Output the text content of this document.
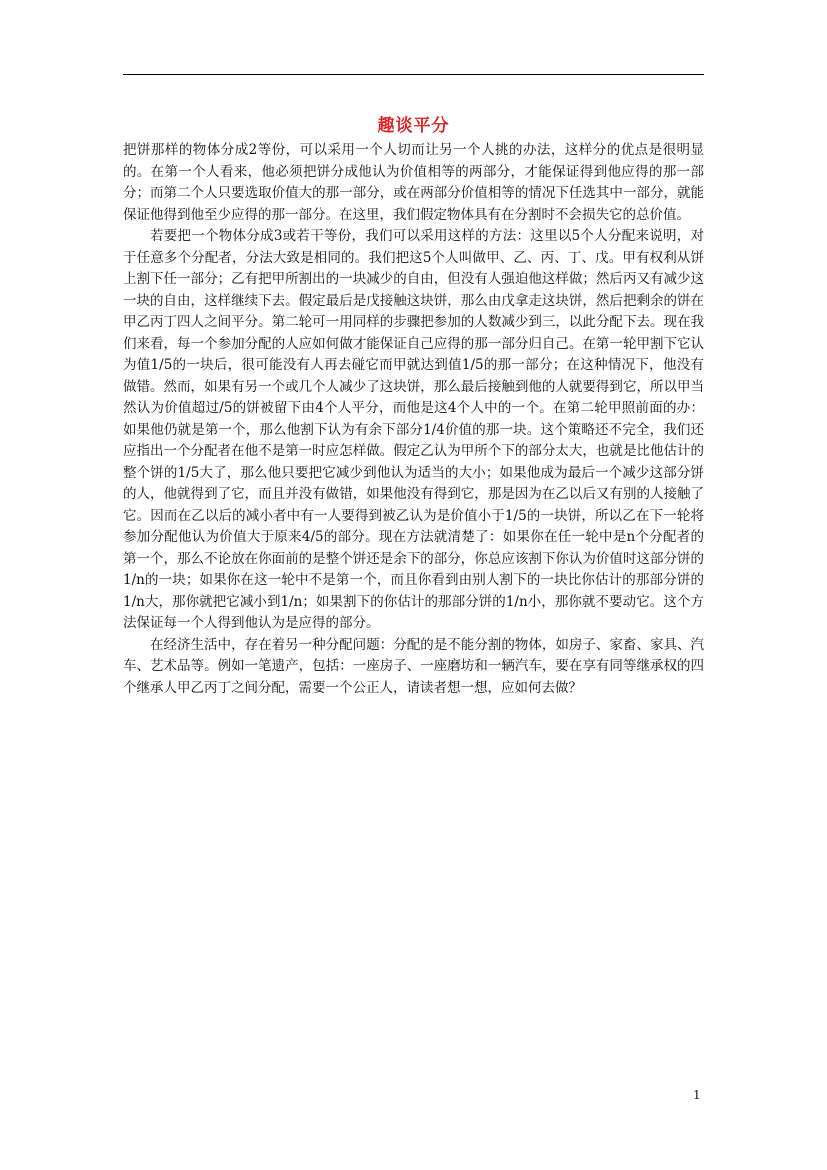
趣谈平分

把饼那样的物体分成2等份，可以采用一个人切而让另一个人挑的办法，这样分的优点是很明显的。在第一个人看来，他必须把饼分成他认为价值相等的两部分，才能保证得到他应得的那一部分；而第二个人只要选取价值大的那一部分，或在两部分价值相等的情况下任选其中一部分，就能保证他得到他至少应得的那一部分。在这里，我们假定物体具有在分割时不会损失它的总价值。

若要把一个物体分成3或若干等份，我们可以采用这样的方法：这里以5个人分配来说明，对于任意多个分配者，分法大致是相同的。我们把这5个人叫做甲、乙、丙、丁、戊。甲有权利从饼上割下任一部分；乙有把甲所割出的一块减少的自由，但没有人强迫他这样做；然后丙又有减少这一块的自由，这样继续下去。假定最后是戊接触这块饼，那么由戊拿走这块饼，然后把剩余的饼在甲乙丙丁四人之间平分。第二轮可一用同样的步骤把参加的人数减少到三，以此分配下去。现在我们来看，每一个参加分配的人应如何做才能保证自己应得的那一部分归自己。在第一轮甲割下它认为值1/5的一块后，很可能没有人再去碰它而甲就达到值1/5的那一部分；在这种情况下，他没有做错。然而，如果有另一个或几个人减少了这块饼，那么最后接触到他的人就要得到它，所以甲当然认为价值超过/5的饼被留下由4个人平分，而他是这4个人中的一个。在第二轮甲照前面的办：如果他仍就是第一个，那么他割下认为有余下部分1/4价值的那一块。这个策略还不完全，我们还应指出一个分配者在他不是第一时应怎样做。假定乙认为甲所个下的部分太大，也就是比他估计的整个饼的1/5大了，那么他只要把它减少到他认为适当的大小；如果他成为最后一个减少这部分饼的人，他就得到了它，而且并没有做错，如果他没有得到它，那是因为在乙以后又有别的人接触了它。因而在乙以后的减小者中有一人要得到被乙认为是价值小于1/5的一块饼，所以乙在下一轮将参加分配他认为价值大于原来4/5的部分。现在方法就清楚了：如果你在任一轮中是n个分配者的第一个，那么不论放在你面前的是整个饼还是余下的部分，你总应该割下你认为价值时这部分饼的1/n的一块；如果你在这一轮中不是第一个，而且你看到由别人割下的一块比你估计的那部分饼的1/n大，那你就把它减小到1/n；如果割下的你估计的那部分饼的1/n小，那你就不要动它。这个方法保证每一个人得到他认为是应得的部分。

在经济生活中，存在着另一种分配问题：分配的是不能分割的物体，如房子、家畜、家具、汽车、艺术品等。例如一笔遗产，包括：一座房子、一座磨坊和一辆汽车，要在享有同等继承权的四个继承人甲乙丙丁之间分配，需要一个公正人，请读者想一想，应如何去做？

1
